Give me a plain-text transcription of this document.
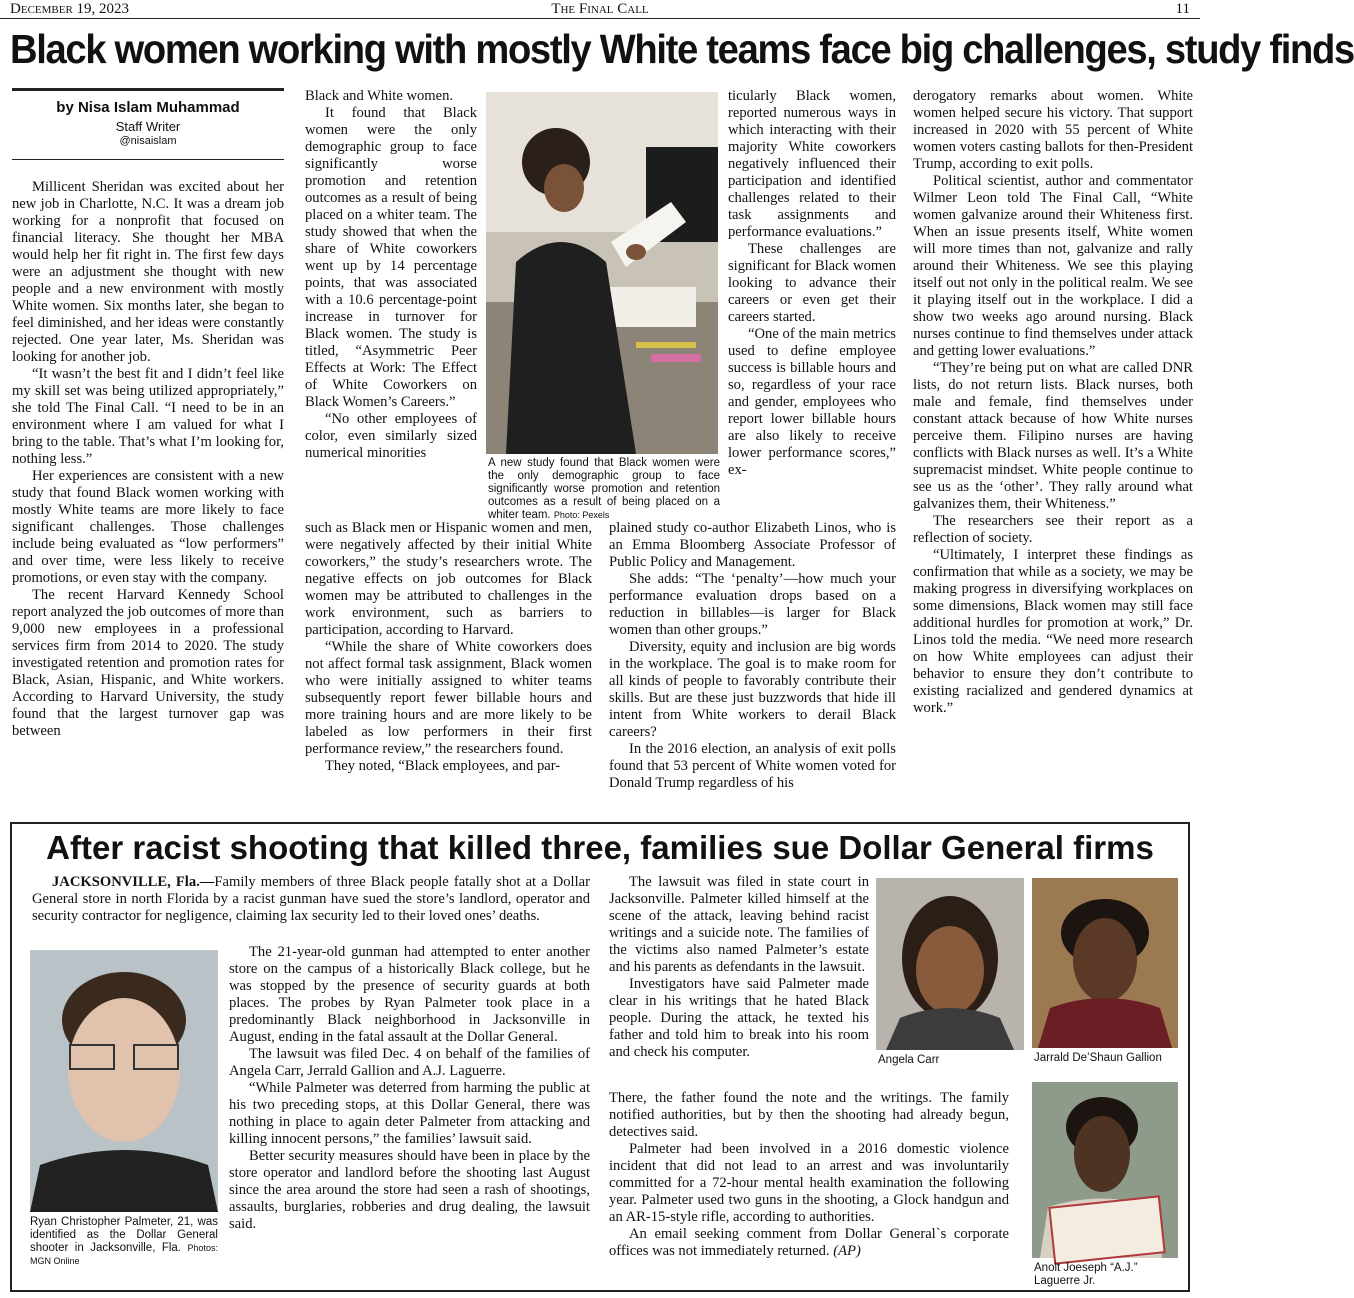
December 19, 2023	The Final Call	11
Black women working with mostly White teams face big challenges, study finds
by Nisa Islam Muhammad
Staff Writer
@nisaislam

Millicent Sheridan was excited about her new job in Charlotte, N.C. It was a dream job working for a nonprofit that focused on financial literacy. She thought her MBA would help her fit right in. The first few days were an adjustment she thought with new people and a new environment with mostly White women. Six months later, she began to feel diminished, and her ideas were constantly rejected. One year later, Ms. Sheridan was looking for another job.

“It wasn’t the best fit and I didn’t feel like my skill set was being utilized appropriately,” she told The Final Call. “I need to be in an environment where I am valued for what I bring to the table. That’s what I’m looking for, nothing less.”

Her experiences are consistent with a new study that found Black women working with mostly White teams are more likely to face significant challenges. Those challenges include being evaluated as “low performers” and over time, were less likely to receive promotions, or even stay with the company.

The recent Harvard Kennedy School report analyzed the job outcomes of more than 9,000 new employees in a professional services firm from 2014 to 2020. The study investigated retention and promotion rates for Black, Asian, Hispanic, and White workers. According to Harvard University, the study found that the largest turnover gap was between

Black and White women.

It found that Black women were the only demographic group to face significantly worse promotion and retention outcomes as a result of being placed on a whiter team. The study showed that when the share of White coworkers went up by 14 percentage points, that was associated with a 10.6 percentage-point increase in turnover for Black women. The study is titled, “Asymmetric Peer Effects at Work: The Effect of White Coworkers on Black Women’s Careers.”

“No other employees of color, even similarly sized numerical minorities

A new study found that Black women were the only demographic group to face significantly worse promotion and retention outcomes as a result of being placed on a whiter team. Photo: Pexels

ticularly Black women, reported numerous ways in which interacting with their majority White coworkers negatively influenced their participation and identified challenges related to their task assignments and performance evaluations.”

These challenges are significant for Black women looking to advance their careers or even get their careers started.

“One of the main metrics used to define employee success is billable hours and so, regardless of your race and gender, employees who report lower billable hours are also likely to receive lower performance scores,” ex-

such as Black men or Hispanic women and men, were negatively affected by their initial White coworkers,” the study’s researchers wrote. The negative effects on job outcomes for Black women may be attributed to challenges in the work environment, such as barriers to participation, according to Harvard.

“While the share of White coworkers does not affect formal task assignment, Black women who were initially assigned to whiter teams subsequently report fewer billable hours and more training hours and are more likely to be labeled as low performers in their first performance review,” the researchers found.

They noted, “Black employees, and par-

plained study co-author Elizabeth Linos, who is an Emma Bloomberg Associate Professor of Public Policy and Management.

She adds: “The ‘penalty’—how much your performance evaluation drops based on a reduction in billables—is larger for Black women than other groups.”

Diversity, equity and inclusion are big words in the workplace. The goal is to make room for all kinds of people to favorably contribute their skills. But are these just buzzwords that hide ill intent from White workers to derail Black careers?

In the 2016 election, an analysis of exit polls found that 53 percent of White women voted for Donald Trump regardless of his

derogatory remarks about women. White women helped secure his victory. That support increased in 2020 with 55 percent of White women voters casting ballots for then-President Trump, according to exit polls.

Political scientist, author and commentator Wilmer Leon told The Final Call, “White women galvanize around their Whiteness first. When an issue presents itself, White women will more times than not, galvanize and rally around their Whiteness. We see this playing itself out not only in the political realm. We see it playing itself out in the workplace. I did a show two weeks ago around nursing. Black nurses continue to find themselves under attack and getting lower evaluations.”

“They’re being put on what are called DNR lists, do not return lists. Black nurses, both male and female, find themselves under constant attack because of how White nurses perceive them. Filipino nurses are having conflicts with Black nurses as well. It’s a White supremacist mindset. White people continue to see us as the ‘other’. They rally around what galvanizes them, their Whiteness.”

The researchers see their report as a reflection of society.

“Ultimately, I interpret these findings as confirmation that while as a society, we may be making progress in diversifying workplaces on some dimensions, Black women may still face additional hurdles for promotion at work,” Dr. Linos told the media. “We need more research on how White employees can adjust their behavior to ensure they don’t contribute to existing racialized and gendered dynamics at work.”

After racist shooting that killed three, families sue Dollar General firms

JACKSONVILLE, Fla.—Family members of three Black people fatally shot at a Dollar General store in north Florida by a racist gunman have sued the store’s landlord, operator and security contractor for negligence, claiming lax security led to their loved ones’ deaths.

Ryan Christopher Palmeter, 21, was identified as the Dollar General shooter in Jacksonville, Fla. Photos: MGN Online

The 21-year-old gunman had attempted to enter another store on the campus of a historically Black college, but he was stopped by the presence of security guards at both places. The probes by Ryan Palmeter took place in a predominantly Black neighborhood in Jacksonville in August, ending in the fatal assault at the Dollar General.

The lawsuit was filed Dec. 4 on behalf of the families of Angela Carr, Jerrald Gallion and A.J. Laguerre.

“While Palmeter was deterred from harming the public at his two preceding stops, at this Dollar General, there was nothing in place to again deter Palmeter from attacking and killing innocent persons,” the families’ lawsuit said.

Better security measures should have been in place by the store operator and landlord before the shooting last August since the area around the store had seen a rash of shootings, assaults, burglaries, robberies and drug dealing, the lawsuit said.

The lawsuit was filed in state court in Jacksonville. Palmeter killed himself at the scene of the attack, leaving behind racist writings and a suicide note. The families of the victims also named Palmeter’s estate and his parents as defendants in the lawsuit.

Investigators have said Palmeter made clear in his writings that he hated Black people. During the attack, he texted his father and told him to break into his room and check his computer.

There, the father found the note and the writings. The family notified authorities, but by then the shooting had already begun, detectives said.

Palmeter had been involved in a 2016 domestic violence incident that did not lead to an arrest and was involuntarily committed for a 72-hour mental health examination the following year. Palmeter used two guns in the shooting, a Glock handgun and an AR-15-style rifle, according to authorities.

An email seeking comment from Dollar General`s corporate offices was not immediately returned. (AP)

Angela Carr	Jarrald De’Shaun Gallion
Anolt Joeseph “A.J.” Laguerre Jr.
